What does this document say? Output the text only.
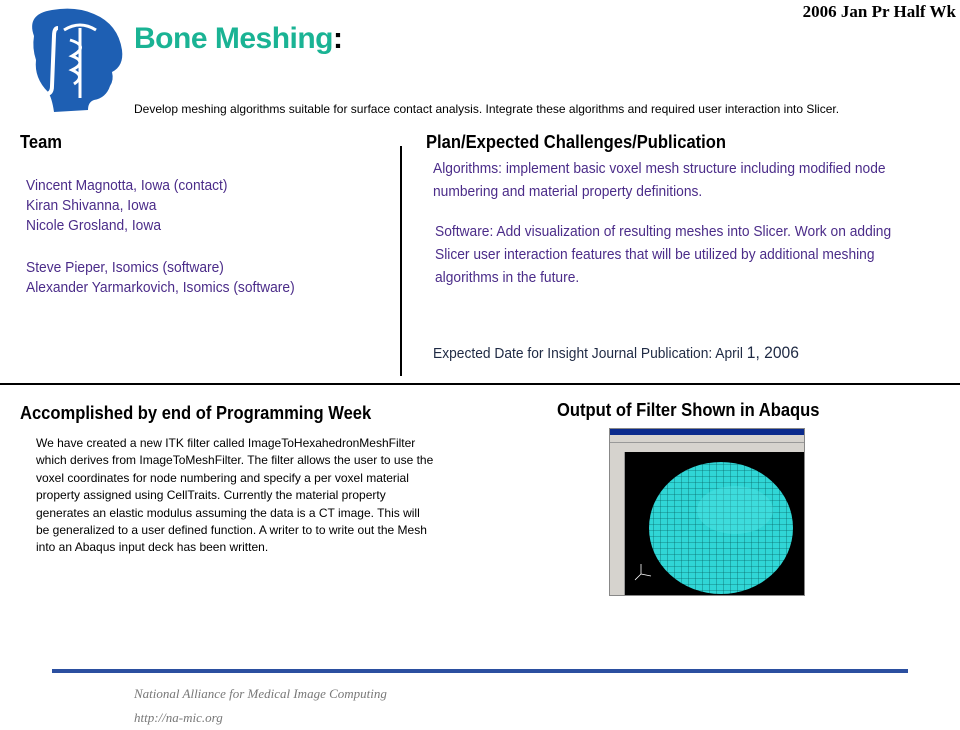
2006 Jan Pr Half Wk
Bone Meshing:
Develop meshing algorithms suitable for surface contact analysis. Integrate these algorithms and required user interaction into Slicer.
Team
Vincent Magnotta, Iowa (contact)
Kiran Shivanna, Iowa
Nicole Grosland, Iowa
Steve Pieper, Isomics (software)
Alexander Yarmarkovich, Isomics (software)
Plan/Expected Challenges/Publication
Algorithms: implement basic voxel mesh structure including modified node numbering and material property definitions.
Software: Add visualization of resulting meshes into Slicer. Work on adding Slicer user interaction features that will be utilized by additional meshing algorithms in the future.
Expected Date for Insight Journal Publication: April 1, 2006
Accomplished by end of Programming Week
We have created a new ITK filter called ImageToHexahedronMeshFilter which derives from ImageToMeshFilter. The filter allows the user to use the voxel coordinates for node numbering and specify a per voxel material property assigned using CellTraits. Currently the material property generates an elastic modulus assuming the data is a CT image. This will be generalized to a user defined function. A writer to to write out the Mesh into an Abaqus input deck has been written.
Output of Filter Shown in Abaqus
National Alliance for Medical Image Computing
http://na-mic.org
